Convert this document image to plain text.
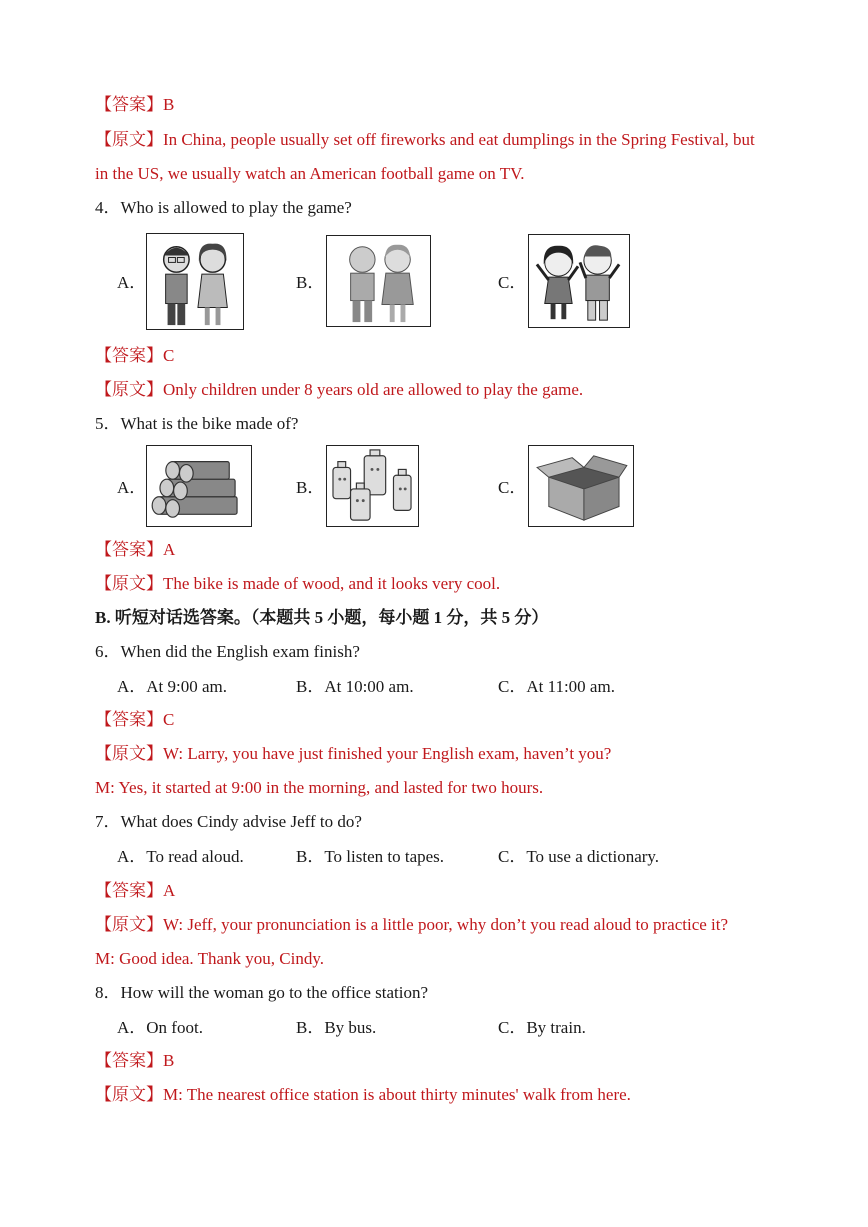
【答案】B
【原文】In China, people usually set off fireworks and eat dumplings in the Spring Festival, but
in the US, we usually watch an American football game on TV.
4．Who is allowed to play the game?
A．	B．	C．
【答案】C
【原文】Only children under 8 years old are allowed to play the game.
5．What is the bike made of?
A．	B．	C．
【答案】A
【原文】The bike is made of wood, and it looks very cool.
B. 听短对话选答案。（本题共 5 小题，每小题 1 分，共 5 分）
6．When did the English exam finish?
A．At 9:00 am.	B．At 10:00 am.	C．At 11:00 am.
【答案】C
【原文】W: Larry, you have just finished your English exam, haven’t you?
M: Yes, it started at 9:00 in the morning, and lasted for two hours.
7．What does Cindy advise Jeff to do?
A．To read aloud.	B．To listen to tapes.	C．To use a dictionary.
【答案】A
【原文】W: Jeff, your pronunciation is a little poor, why don’t you read aloud to practice it?
M: Good idea. Thank you, Cindy.
8．How will the woman go to the office station?
A．On foot.	B．By bus.	C．By train.
【答案】B
【原文】M: The nearest office station is about thirty minutes' walk from here.
